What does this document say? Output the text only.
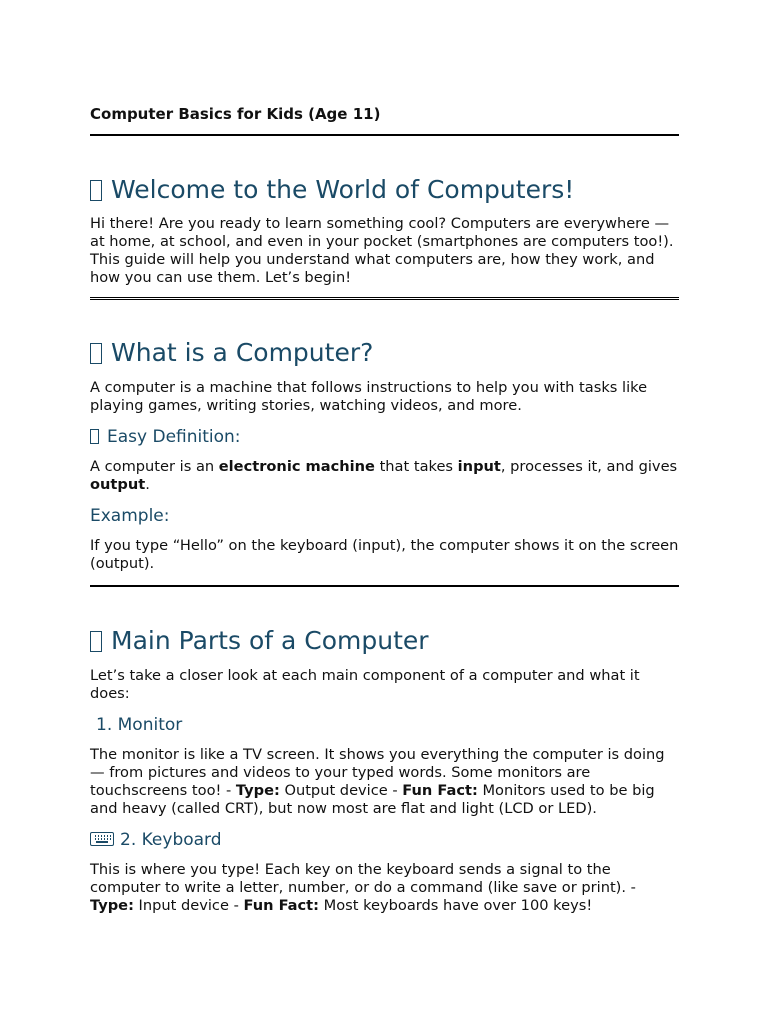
Computer Basics for Kids (Age 11)
Welcome to the World of Computers!

Hi there! Are you ready to learn something cool? Computers are everywhere — at home, at school, and even in your pocket (smartphones are computers too!). This guide will help you understand what computers are, how they work, and how you can use them. Let’s begin!

What is a Computer?

A computer is a machine that follows instructions to help you with tasks like playing games, writing stories, watching videos, and more.

Easy Definition:

A computer is an electronic machine that takes input, processes it, and gives output.

Example:

If you type “Hello” on the keyboard (input), the computer shows it on the screen (output).

Main Parts of a Computer

Let’s take a closer look at each main component of a computer and what it does:

1. Monitor

The monitor is like a TV screen. It shows you everything the computer is doing — from pictures and videos to your typed words. Some monitors are touchscreens too! - Type: Output device - Fun Fact: Monitors used to be big and heavy (called CRT), but now most are flat and light (LCD or LED).

2. Keyboard

This is where you type! Each key on the keyboard sends a signal to the computer to write a letter, number, or do a command (like save or print). - Type: Input device - Fun Fact: Most keyboards have over 100 keys!
